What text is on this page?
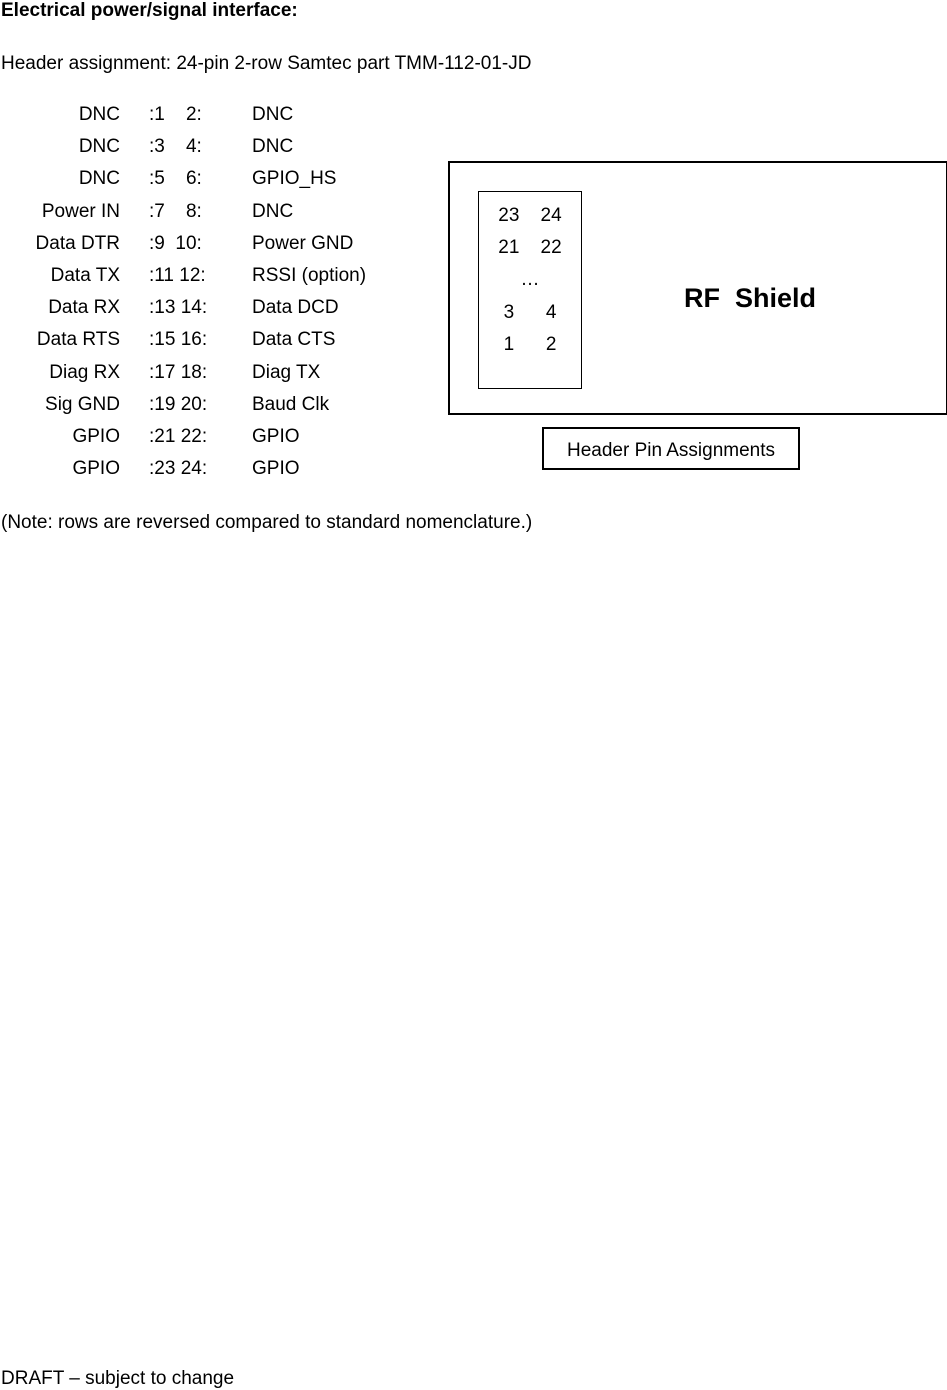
Electrical power/signal interface:
Header assignment: 24-pin 2-row Samtec part TMM-112-01-JD
DNC :1    2:	DNC
DNC :3    4:	DNC
DNC :5    6:	GPIO_HS
Power IN :7    8:	DNC
Data DTR :9  10:	Power GND
Data TX :11 12: RSSI (option)
Data RX :13 14: Data DCD
Data RTS :15 16: Data CTS
Diag RX :17 18: Diag TX
Sig GND :19 20: Baud Clk
GPIO :21 22: GPIO
GPIO :23 24: GPIO
23    24
21    22
…
3      4
1      2
RF  Shield
Header Pin Assignments
(Note: rows are reversed compared to standard nomenclature.)
DRAFT – subject to change
